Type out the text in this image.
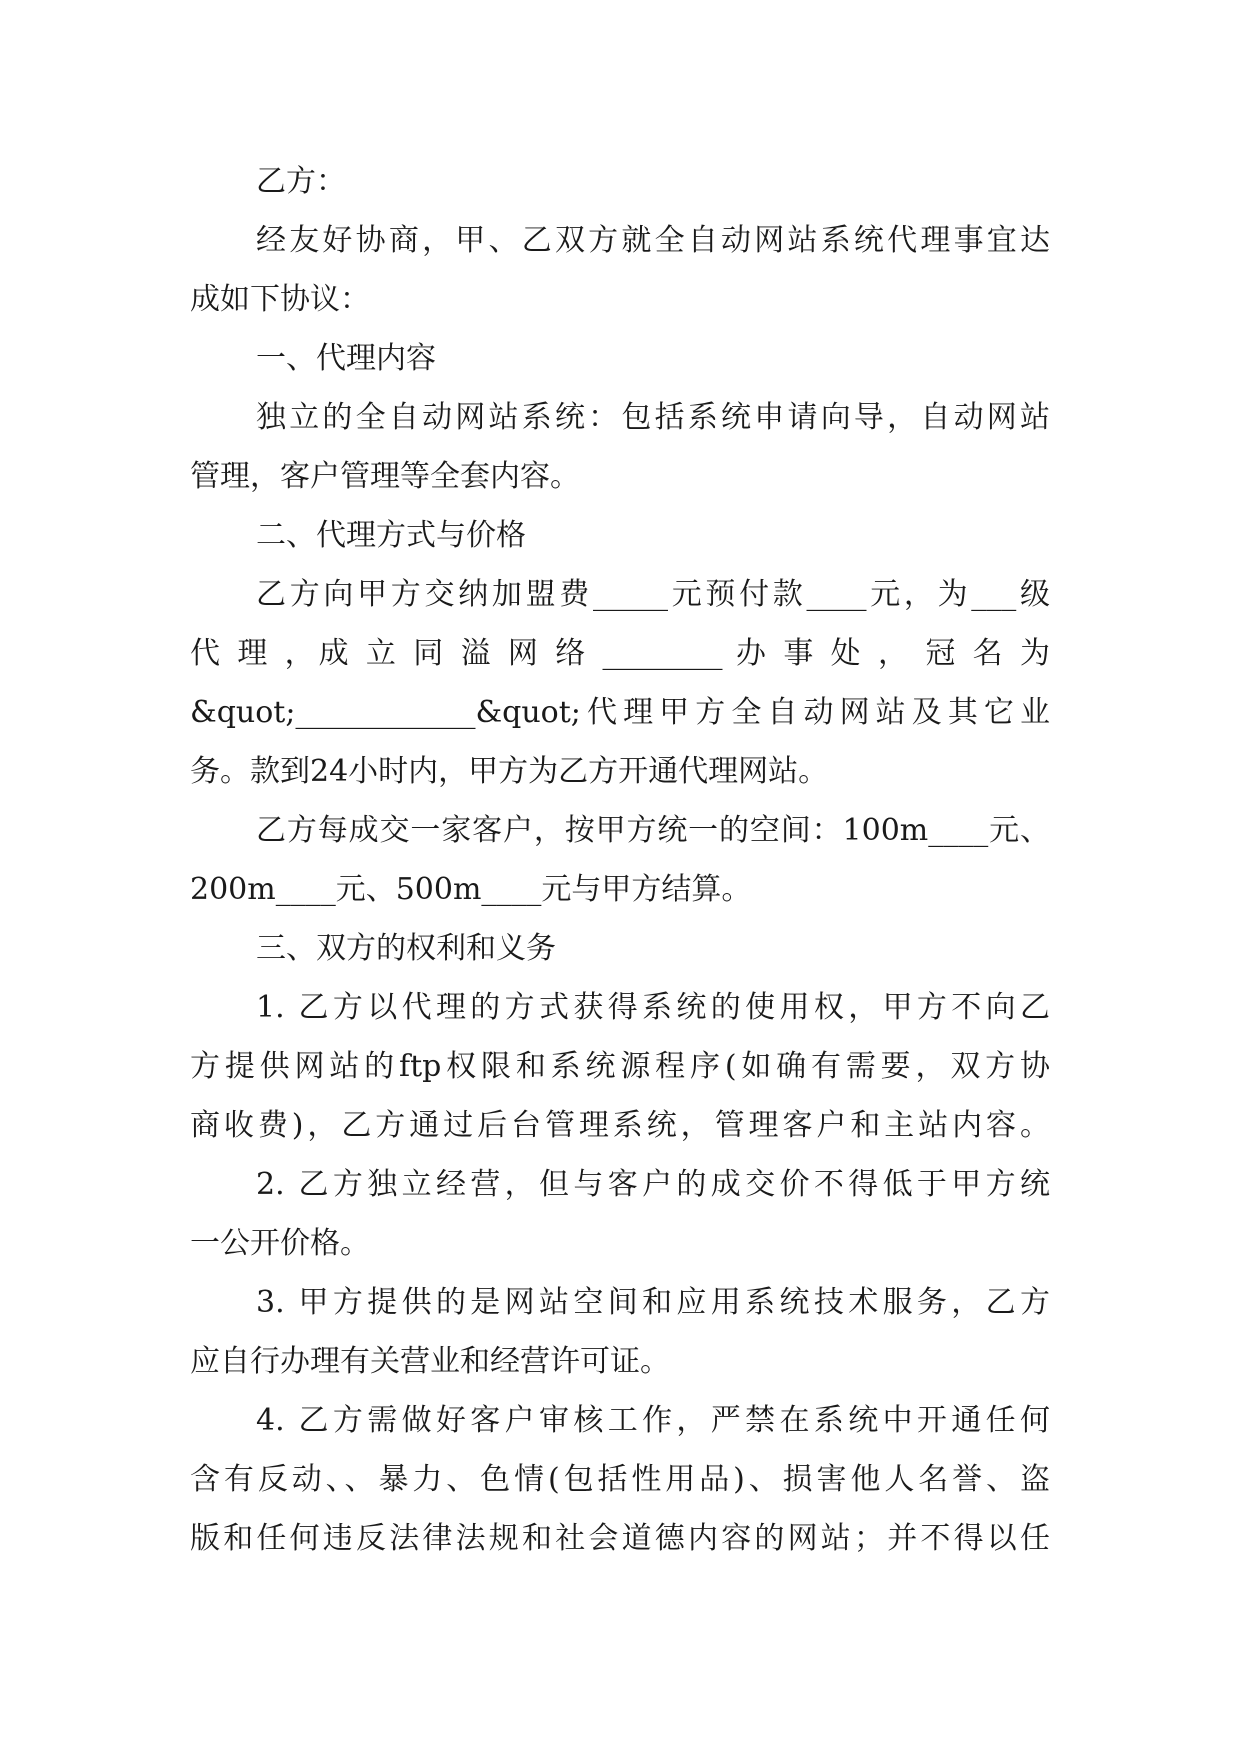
乙方：
经友好协商，甲、乙双方就全自动网站系统代理事宜达
成如下协议：
一、代理内容
独立的全自动网站系统：包括系统申请向导，自动网站
管理，客户管理等全套内容。
二、代理方式与价格
乙方向甲方交纳加盟费_____元预付款____元，为___级
代 理 ，成 立 同 溢 网 络 ________ 办 事 处 ， 冠 名 为
&quot;____________&quot;代理甲方全自动网站及其它业
务。款到24小时内，甲方为乙方开通代理网站。
乙方每成交一家客户，按甲方统一的空间：100m____元、
200m____元、500m____元与甲方结算。
三、双方的权利和义务
1. 乙方以代理的方式获得系统的使用权，甲方不向乙
方提供网站的ftp权限和系统源程序(如确有需要，双方协
商收费)，乙方通过后台管理系统，管理客户和主站内容。
2. 乙方独立经营，但与客户的成交价不得低于甲方统
一公开价格。
3. 甲方提供的是网站空间和应用系统技术服务，乙方
应自行办理有关营业和经营许可证。
4. 乙方需做好客户审核工作，严禁在系统中开通任何
含有反动、、暴力、色情(包括性用品)、损害他人名誉、盗
版和任何违反法律法规和社会道德内容的网站；并不得以任
